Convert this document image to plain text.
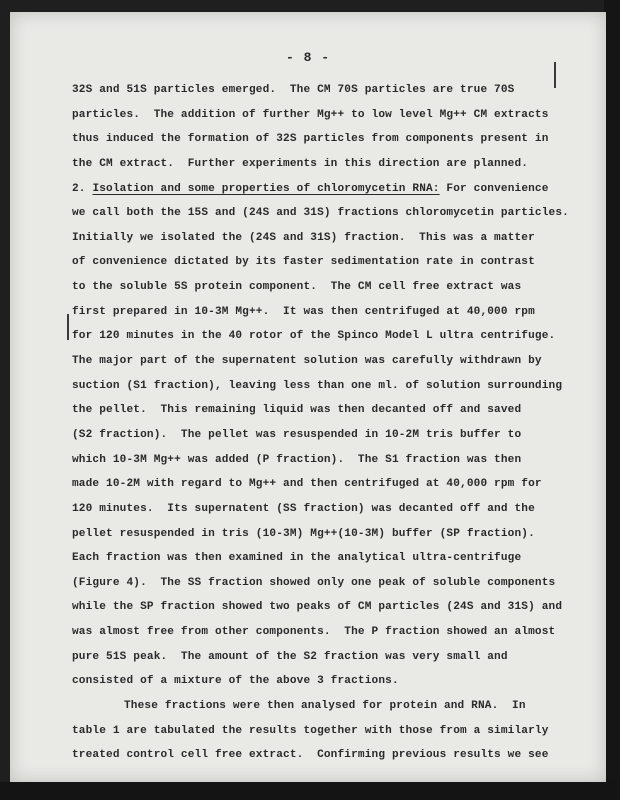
- 8 -
32S and 51S particles emerged.  The CM 70S particles are true 70S
particles.  The addition of further Mg++ to low level Mg++ CM extracts
thus induced the formation of 32S particles from components present in
the CM extract.  Further experiments in this direction are planned.
2. Isolation and some properties of chloromycetin RNA: For convenience
we call both the 15S and (24S and 31S) fractions chloromycetin particles.
Initially we isolated the (24S and 31S) fraction.  This was a matter
of convenience dictated by its faster sedimentation rate in contrast
to the soluble 5S protein component.  The CM cell free extract was
first prepared in 10-3M Mg++.  It was then centrifuged at 40,000 rpm
for 120 minutes in the 40 rotor of the Spinco Model L ultra centrifuge.
The major part of the supernatent solution was carefully withdrawn by
suction (S1 fraction), leaving less than one ml. of solution surrounding
the pellet.  This remaining liquid was then decanted off and saved
(S2 fraction).  The pellet was resuspended in 10-2M tris buffer to
which 10-3M Mg++ was added (P fraction).  The S1 fraction was then
made 10-2M with regard to Mg++ and then centrifuged at 40,000 rpm for
120 minutes.  Its supernatent (SS fraction) was decanted off and the
pellet resuspended in tris (10-3M) Mg++(10-3M) buffer (SP fraction).
Each fraction was then examined in the analytical ultra-centrifuge
(Figure 4).  The SS fraction showed only one peak of soluble components
while the SP fraction showed two peaks of CM particles (24S and 31S) and
was almost free from other components.  The P fraction showed an almost
pure 51S peak.  The amount of the S2 fraction was very small and
consisted of a mixture of the above 3 fractions.
These fractions were then analysed for protein and RNA.  In
table 1 are tabulated the results together with those from a similarly
treated control cell free extract.  Confirming previous results we see
